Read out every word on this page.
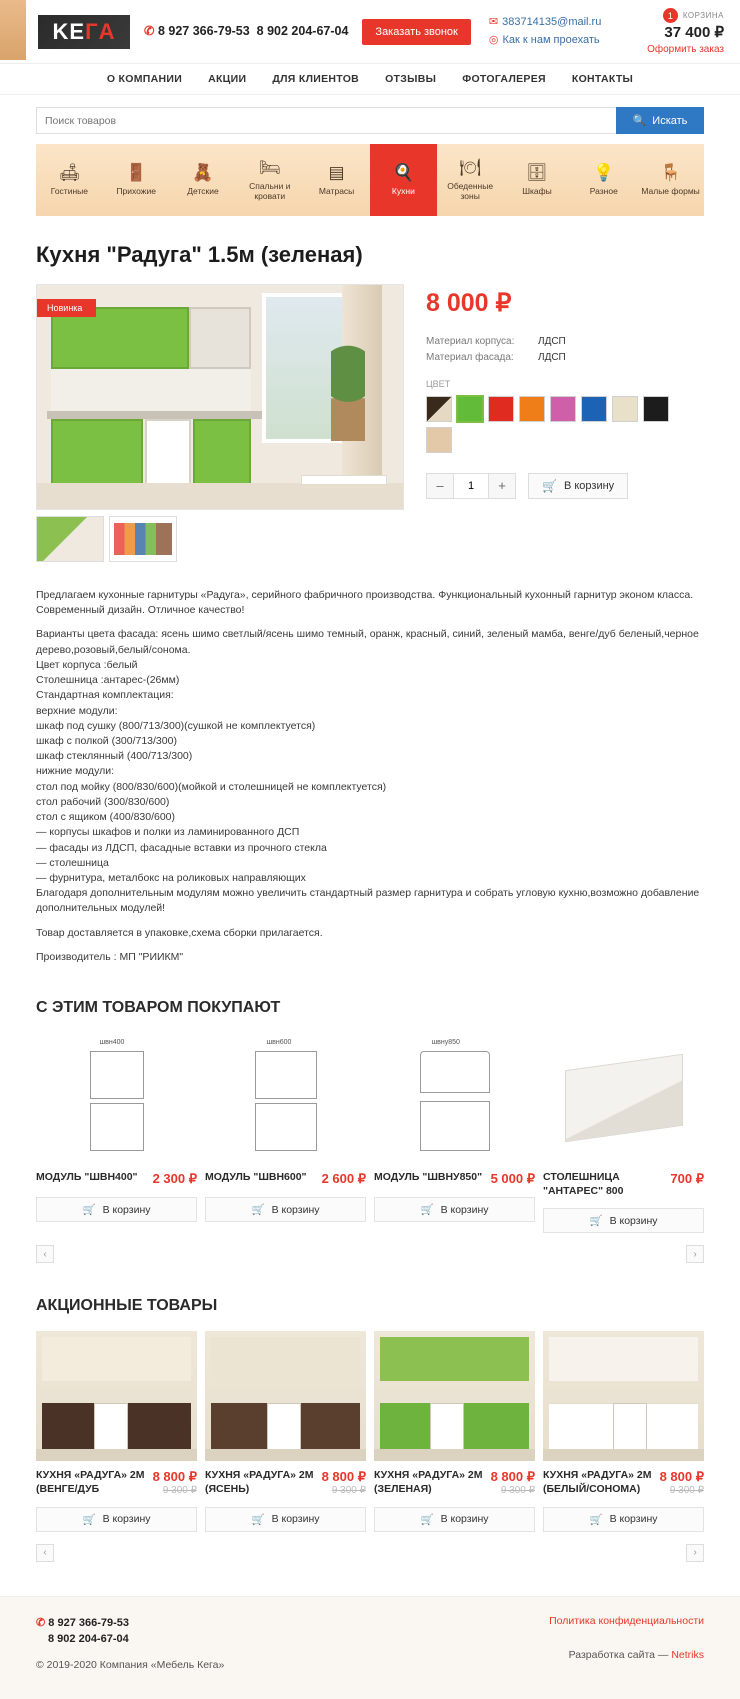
K E ГA ✆ 8 927 366-79-53 8 902 204-67-04	Заказать звонок
✉ 383714135@mail.ru
◎ Как к нам проехать
1	КОРЗИНА
37 400 ₽
Оформить заказ
О КОМПАНИИ АКЦИИ ДЛЯ КЛИЕНТОВ ОТЗЫВЫ ФОТОГАЛЕРЕЯ КОНТАКТЫ
Поиск товаров
🔍 Искать
🛋
Гостиные
🚪
Прихожие
🧸
Детские
🛏
Спальни и кровати
▤
Матрасы
🍳
Кухни
🍽
Обеденные зоны
🗄
Шкафы
💡
Разное
🪑
Малые формы
Кухня "Радуга" 1.5м (зеленая)
Новинка	8 000 ₽
Материал корпуса:	ЛДСП
Материал фасада:	ЛДСП
ЦВЕТ
–
1	+	🛒 В корзину

Предлагаем кухонные гарнитуры «Радуга», серийного фабричного производства. Функциональный кухонный гарнитур эконом класса. Современный дизайн. Отличное качество!

Варианты цвета фасада: ясень шимо светлый/ясень шимо темный, оранж, красный, синий, зеленый мамба, венге/дуб беленый,черное дерево,розовый,белый/сонома.

Цвет корпуса :белый

Столешница :антарес-(26мм)

Стандартная комплектация:

верхние модули:

шкаф под сушку (800/713/300)(сушкой не комплектуется)

шкаф с полкой (300/713/300)

шкаф стеклянный (400/713/300)

нижние модули:

стол под мойку (800/830/600)(мойкой и столешницей не комплектуется)

стол рабочий (300/830/600)

стол с ящиком (400/830/600)

— корпусы шкафов и полки из ламинированного ДСП

— фасады из ЛДСП, фасадные вставки из прочного стекла

— столешница

— фурнитура, металбокс на роликовых направляющих

Благодаря дополнительным модулям можно увеличить стандартный размер гарнитура и собрать угловую кухню,возможно добавление дополнительных модулей!

Товар доставляется в упаковке,схема сборки прилагается.

Производитель : МП "РИИКМ"

С ЭТИМ ТОВАРОМ ПОКУПАЮТ
швн400
МОДУЛЬ "ШВН400" 2 300 ₽
🛒 В корзину
швн600
МОДУЛЬ "ШВН600" 2 600 ₽
🛒 В корзину
швну850
МОДУЛЬ "ШВНУ850" 5 000 ₽
🛒 В корзину
СТОЛЕШНИЦА "АНТАРЕС" 800
700 ₽
🛒 В корзину
‹	›
АКЦИОННЫЕ ТОВАРЫ
КУХНЯ «РАДУГА» 2М (ВЕНГЕ/ДУБ
8 800 ₽
9 300 ₽
🛒 В корзину
КУХНЯ «РАДУГА» 2М (ЯСЕНЬ)
8 800 ₽
9 300 ₽
🛒 В корзину
КУХНЯ «РАДУГА» 2М (ЗЕЛЕНАЯ)
8 800 ₽
9 300 ₽
🛒 В корзину
КУХНЯ «РАДУГА» 2М (БЕЛЫЙ/СОНОМА)
8 800 ₽
9 300 ₽
🛒 В корзину
‹	›
✆ 8 927 366-79-53
8 902 204-67-04
© 2019-2020 Компания «Мебель Кега»
Политика конфиденциальности
Разработка сайта — Netriks
